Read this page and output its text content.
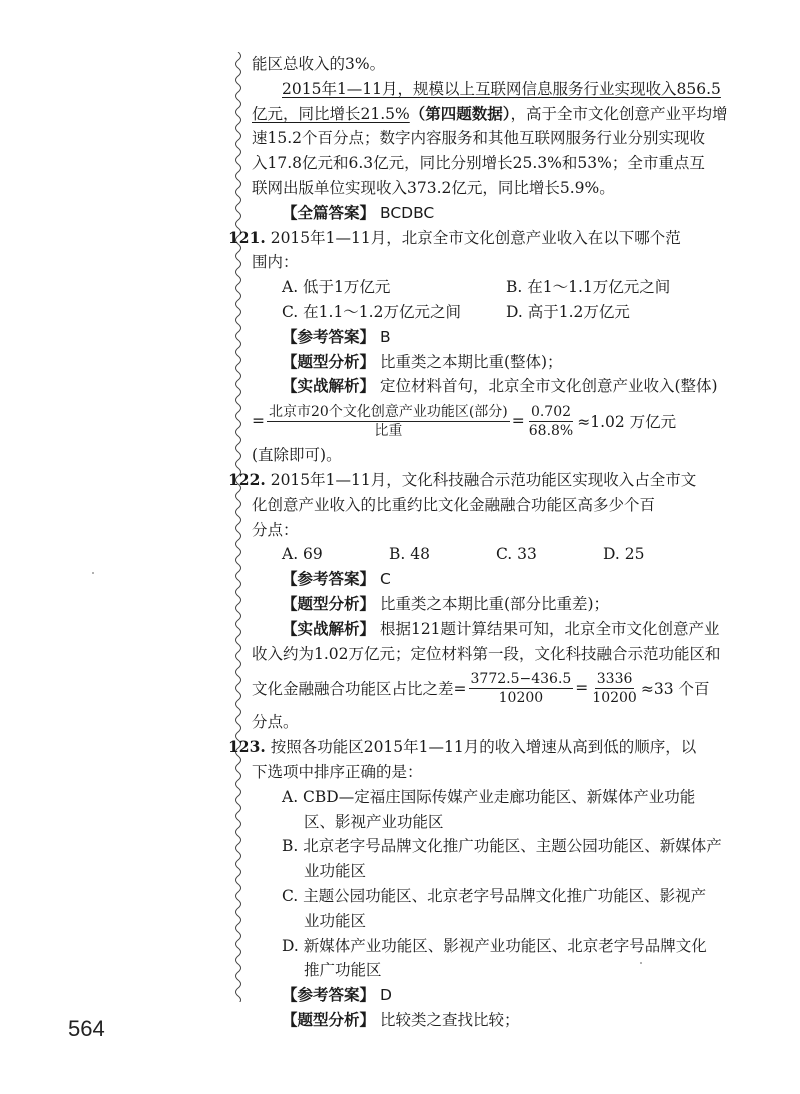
能区总收入的3%。
2015年1—11月，规模以上互联网信息服务行业实现收入856.5
亿元，同比增长21.5%（第四题数据），高于全市文化创意产业平均增
速15.2个百分点；数字内容服务和其他互联网服务行业分别实现收
入17.8亿元和6.3亿元，同比分别增长25.3%和53%；全市重点互
联网出版单位实现收入373.2亿元，同比增长5.9%。
【全篇答案】 BCDBC
121. 2015年1—11月，北京全市文化创意产业收入在以下哪个范
围内：
A. 低于1万亿元	B. 在1～1.1万亿元之间
C. 在1.1～1.2万亿元之间	D. 高于1.2万亿元
【参考答案】 B
【题型分析】 比重类之本期比重(整体)；
【实战解析】 定位材料首句，北京全市文化创意产业收入(整体)
= $\frac{\text{北京市20个文化创意产业功能区(部分)}}{\text{比重}} = \frac{0.702}{68.8\%} \approx 1.02$ 万亿元
(直除即可)。
122. 2015年1—11月，文化科技融合示范功能区实现收入占全市文
化创意产业收入的比重约比文化金融融合功能区高多少个百
分点：
A. 69	B. 48	C. 33	D. 25
【参考答案】 C
【题型分析】 比重类之本期比重(部分比重差)；
【实战解析】 根据121题计算结果可知，北京全市文化创意产业
收入约为1.02万亿元；定位材料第一段，文化科技融合示范功能区和
文化金融融合功能区占比之差= $\frac{3772.5-436.5}{10200} = \frac{3336}{10200} \approx 33$ 个百
分点。
123. 按照各功能区2015年1—11月的收入增速从高到低的顺序，以
下选项中排序正确的是：
A. CBD—定福庄国际传媒产业走廊功能区、新媒体产业功能
区、影视产业功能区
B. 北京老字号品牌文化推广功能区、主题公园功能区、新媒体产
业功能区
C. 主题公园功能区、北京老字号品牌文化推广功能区、影视产
业功能区
D. 新媒体产业功能区、影视产业功能区、北京老字号品牌文化
推广功能区
【参考答案】 D
【题型分析】 比较类之查找比较；
564
